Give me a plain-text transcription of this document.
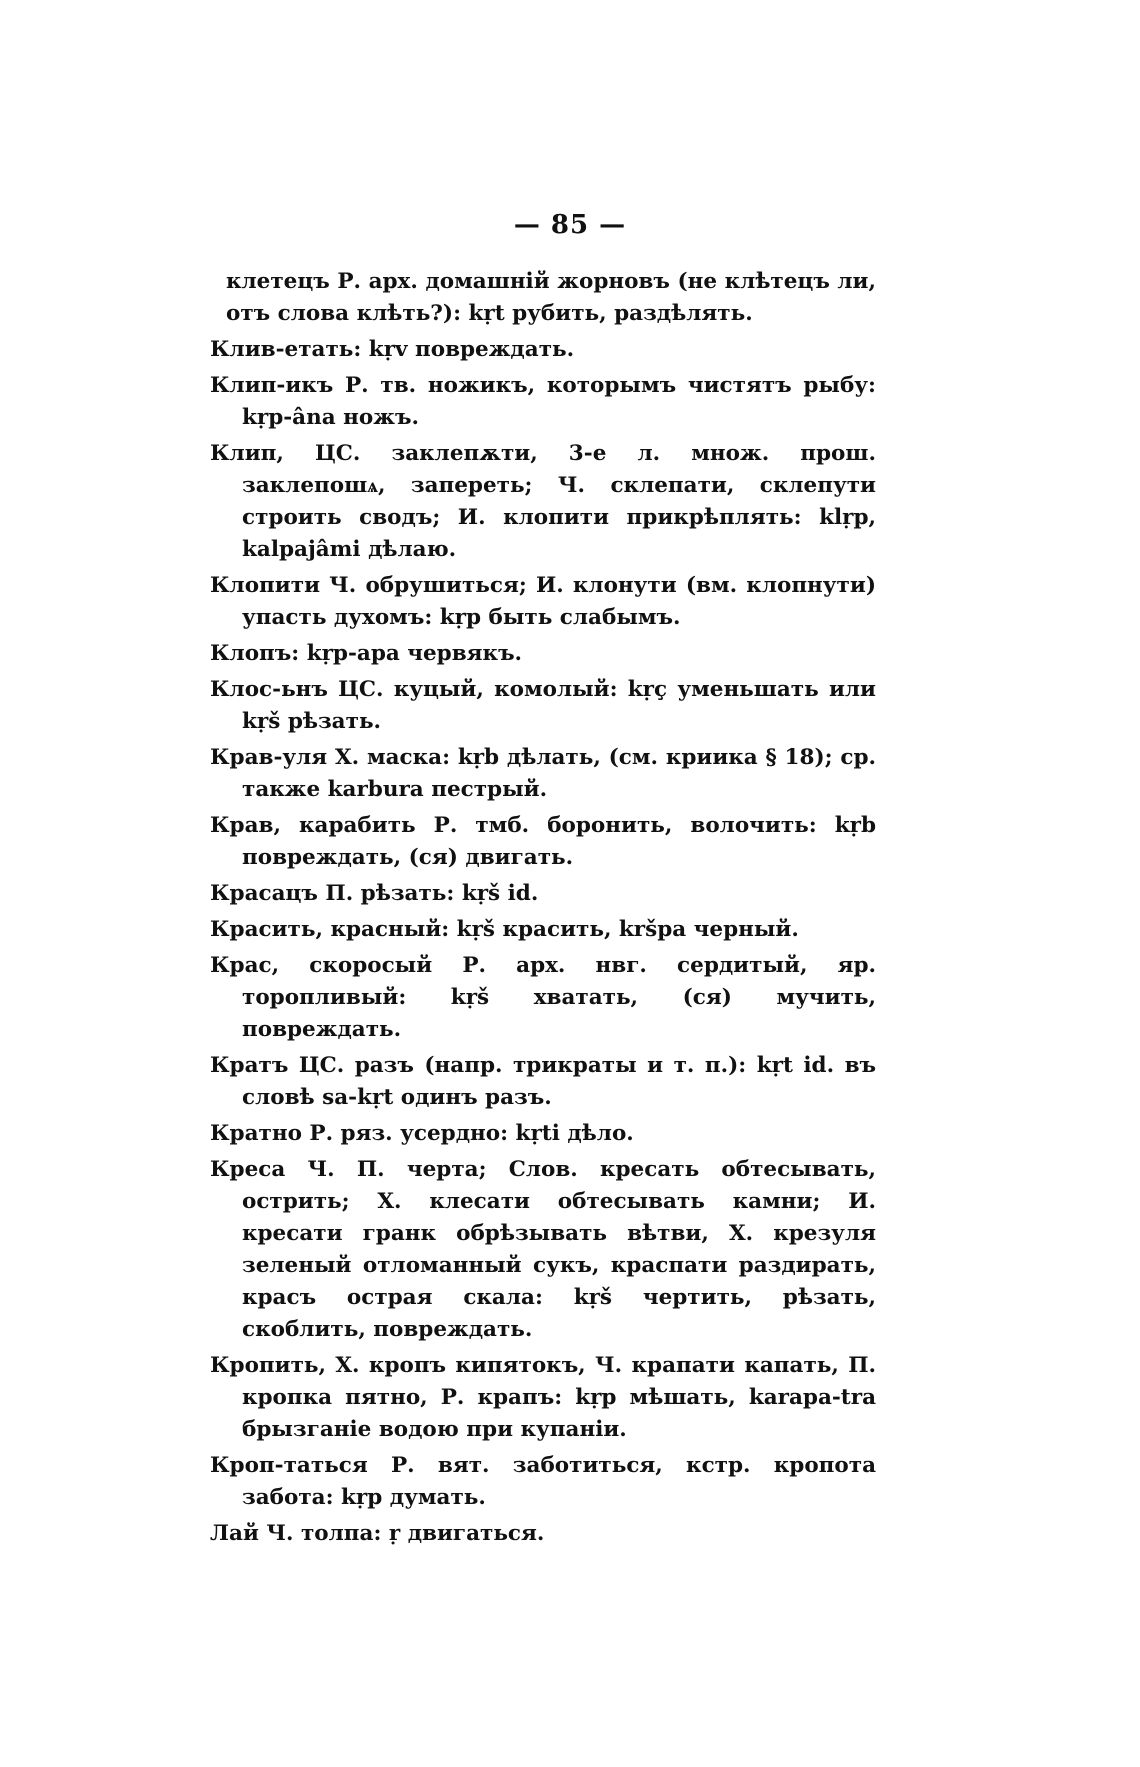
— 85 —

клетецъ Р. арх. домашній жорновъ (не клѣтецъ ли, отъ слова клѣть?): kṛt рубить, раздѣлять.

Клив-етать: kṛv повреждать.

Клип-икъ Р. тв. ножикъ, которымъ чистятъ рыбу: kṛp-âna ножъ.

Клип, ЦС. заклепѫти, 3-е л. множ. прош. заклепошѧ, запереть; Ч. склепати, склепути строить сводъ; И. клопити прикрѣплять: klṛp, kalpajâmi дѣлаю.

Клопити Ч. обрушиться; И. клонути (вм. клопнути) упасть духомъ: kṛp быть слабымъ.

Клопъ: kṛp-apa червякъ.

Клос-ьнъ ЦС. куцый, комолый: kṛç уменьшать или kṛš рѣзать.

Крав-уля Х. маска: kṛb дѣлать, (см. криика § 18); ср. также karbura пестрый.

Крав, карабить Р. тмб. боронить, волочить: kṛb повреждать, (ся) двигать.

Красацъ П. рѣзать: kṛš id.

Красить, красный: kṛš красить, kršpa черный.

Крас, скоросый Р. арх. нвг. сердитый, яр. торопливый: kṛš хватать, (ся) мучить, повреждать.

Кратъ ЦС. разъ (напр. трикраты и т. п.): kṛt id. въ словѣ sa-kṛt одинъ разъ.

Кратно Р. ряз. усердно: kṛti дѣло.

Креса Ч. П. черта; Слов. кресать обтесывать, острить; Х. клесати обтесывать камни; И. кресати гранк обрѣзывать вѣтви, Х. крезуля зеленый отломанный сукъ, краспати раздирать, красъ острая скала: kṛš чертить, рѣзать, скоблить, повреждать.

Кропить, Х. кропъ кипятокъ, Ч. крапати капать, П. кропка пятно, Р. крапъ: kṛp мѣшать, karapa-tra брызганіе водою при купаніи.

Кроп-таться Р. вят. заботиться, кстр. кропота забота: kṛp думать.

Лай Ч. толпа: ṛ двигаться.
